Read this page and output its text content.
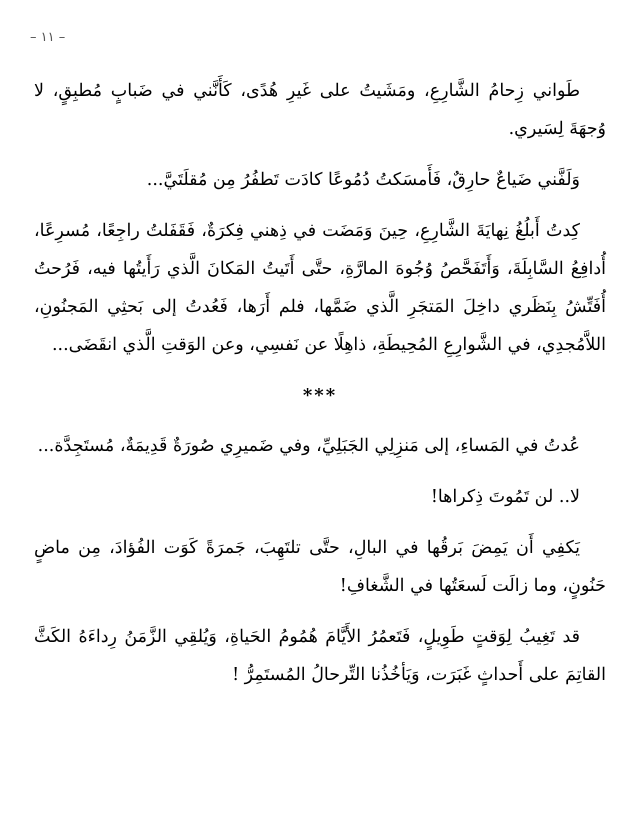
– ١١ –

طَواني زِحامُ الشَّارِعِ، ومَشَيتُ على غَيرِ هُدًى، كَأَنَّني في ضَبابٍ مُطبِقٍ، لا وُجهَةَ لِسَيري.

وَلَفَّني ضَياعٌ حارِقٌ، فَأَمسَكتُ دُمُوعًا كادَت تَطفُرُ مِن مُقلَتَيَّ...

كِدتُ أَبلُغُ نِهايَةَ الشَّارِعِ، حِينَ وَمَضَت في ذِهني فِكرَةٌ، فَقَفَلتُ راجِعًا، مُسرِعًا، أُدافِعُ السَّابِلَةَ، وَأَتَفَحَّصُ وُجُوهَ المارَّةِ، حتَّى أَتَيتُ المَكانَ الَّذي رَأَيتُها فيه، فَرُحتُ أُفَتِّشُ بِنَظَري داخِلَ المَتجَرِ الَّذي ضَمَّها، فلم أَرَها، فَعُدتُ إلى بَحثِي المَجنُونِ، اللاَّمُجدِي، في الشَّوارِعِ المُحِيطَةِ، ذاهِلًا عن نَفسِي، وعن الوَقتِ الَّذي انقَضَى...

***

عُدتُ في المَساءِ، إلى مَنزِلِي الجَبَلِيِّ، وفي ضَميرِي صُورَةٌ قَدِيمَةٌ، مُستَجِدَّة...

لا.. لن تَمُوتَ ذِكراها!

يَكفِي أَن يَمِضَ بَرقُها في البالِ، حتَّى تلتَهِبَ، جَمرَةً كَوَت الفُؤادَ، مِن ماضٍ حَنُونٍ، وما زالَت لَسعَتُها في الشَّغافِ!

قد تَغِيبُ لِوَقتٍ طَوِيلٍ، فَتَعمُرُ الأَيَّامَ هُمُومُ الحَياةِ، وَيُلقِي الزَّمَنُ رِداءَهُ الكَثَّ القاتِمَ على أَحداثٍ غَبَرَت، وَيَأخُذُنا التِّرحالُ المُستَمِرُّ !
